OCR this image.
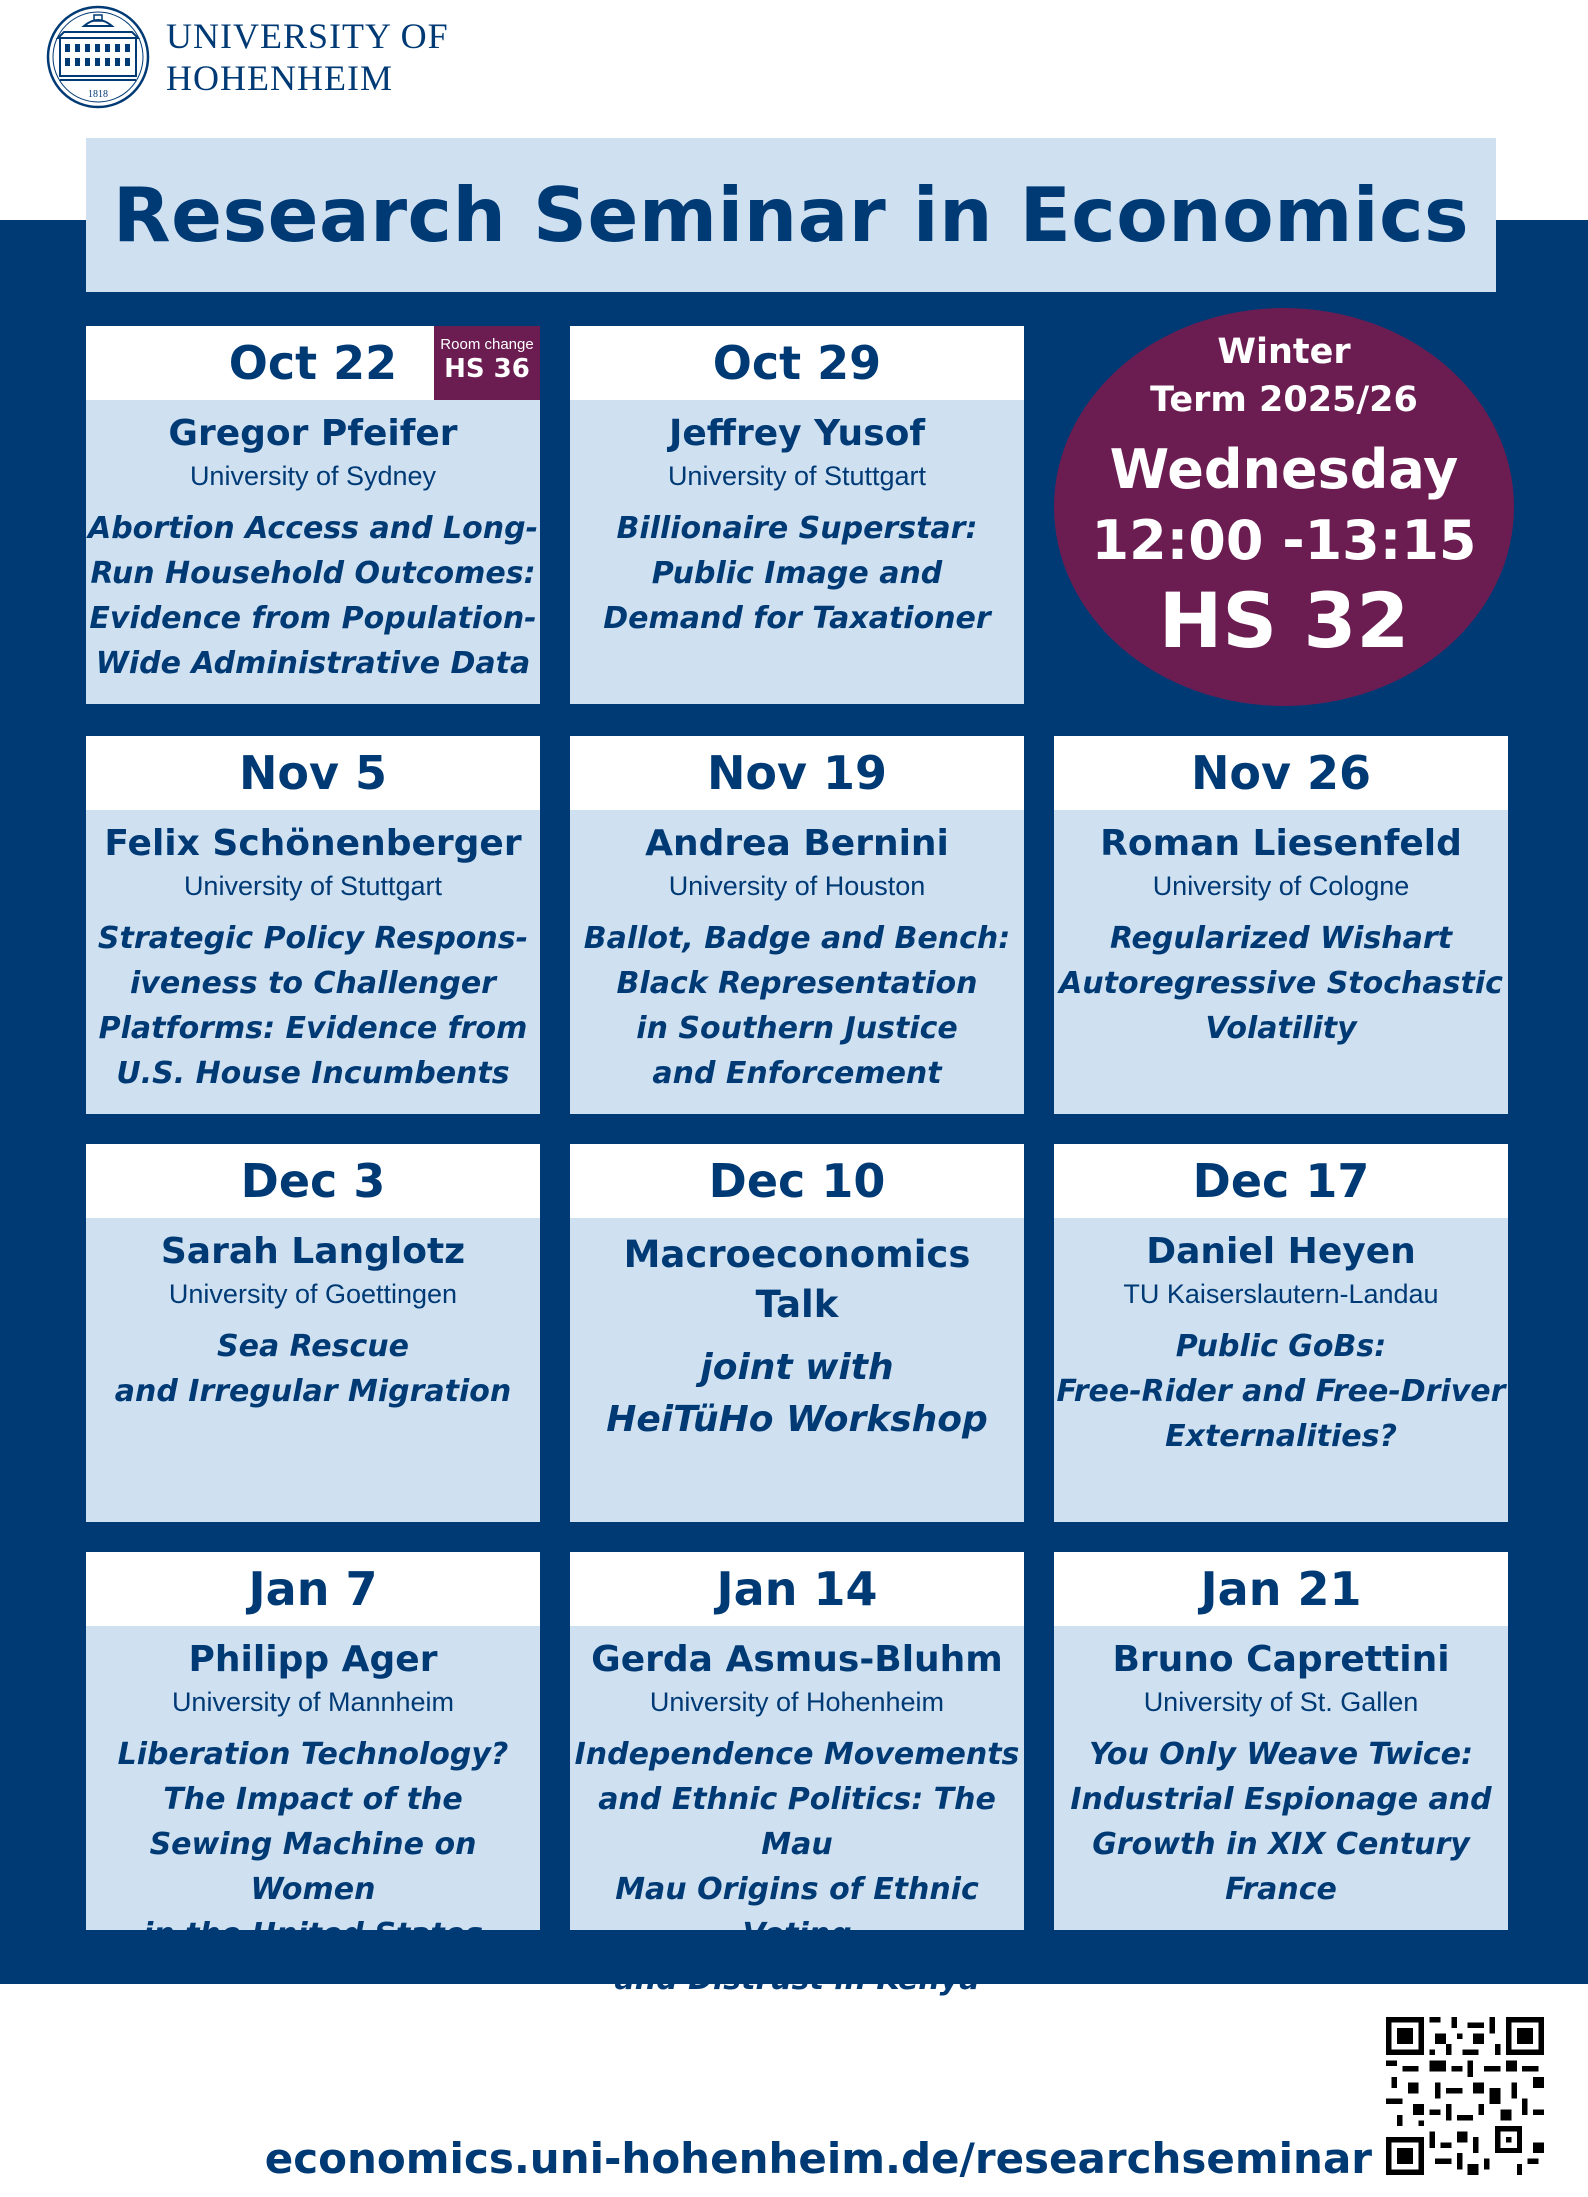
1818
UNIVERSITY OF
HOHENHEIM
Research Seminar in Economics
Oct 22	Room change
HS 36
Gregor Pfeifer
University of Sydney
Abortion Access and Long-
Run Household Outcomes:
Evidence from Population-
Wide Administrative Data
Oct 29
Jeffrey Yusof
University of Stuttgart
Billionaire Superstar:
Public Image and
Demand for Taxationer
Winter
Term 2025/26
Wednesday
12:00 -13:15
HS 32
Nov 5
Felix Schönenberger
University of Stuttgart
Strategic Policy Respons-
iveness to Challenger
Platforms: Evidence from
U.S. House Incumbents
Nov 19
Andrea Bernini
University of Houston
Ballot, Badge and Bench:
Black Representation
in Southern Justice
and Enforcement
Nov 26
Roman Liesenfeld
University of Cologne
Regularized Wishart
Autoregressive Stochastic
Volatility
Dec 3
Sarah Langlotz
University of Goettingen
Sea Rescue
and Irregular Migration
Dec 10
Macroeconomics
Talk
joint with
HeiTüHo Workshop
Dec 17
Daniel Heyen
TU Kaiserslautern-Landau
Public GoBs:
Free-Rider and Free-Driver
Externalities?
Jan 7
Philipp Ager
University of Mannheim
Liberation Technology?
The Impact of the
Sewing Machine on Women
in the United States
Jan 14
Gerda Asmus-Bluhm
University of Hohenheim
Independence Movements
and Ethnic Politics: The Mau
Mau Origins of Ethnic Voting
and Distrust in Kenya
Jan 21
Bruno Caprettini
University of St. Gallen
You Only Weave Twice:
Industrial Espionage and
Growth in XIX Century France
economics.uni-hohenheim.de/researchseminar
